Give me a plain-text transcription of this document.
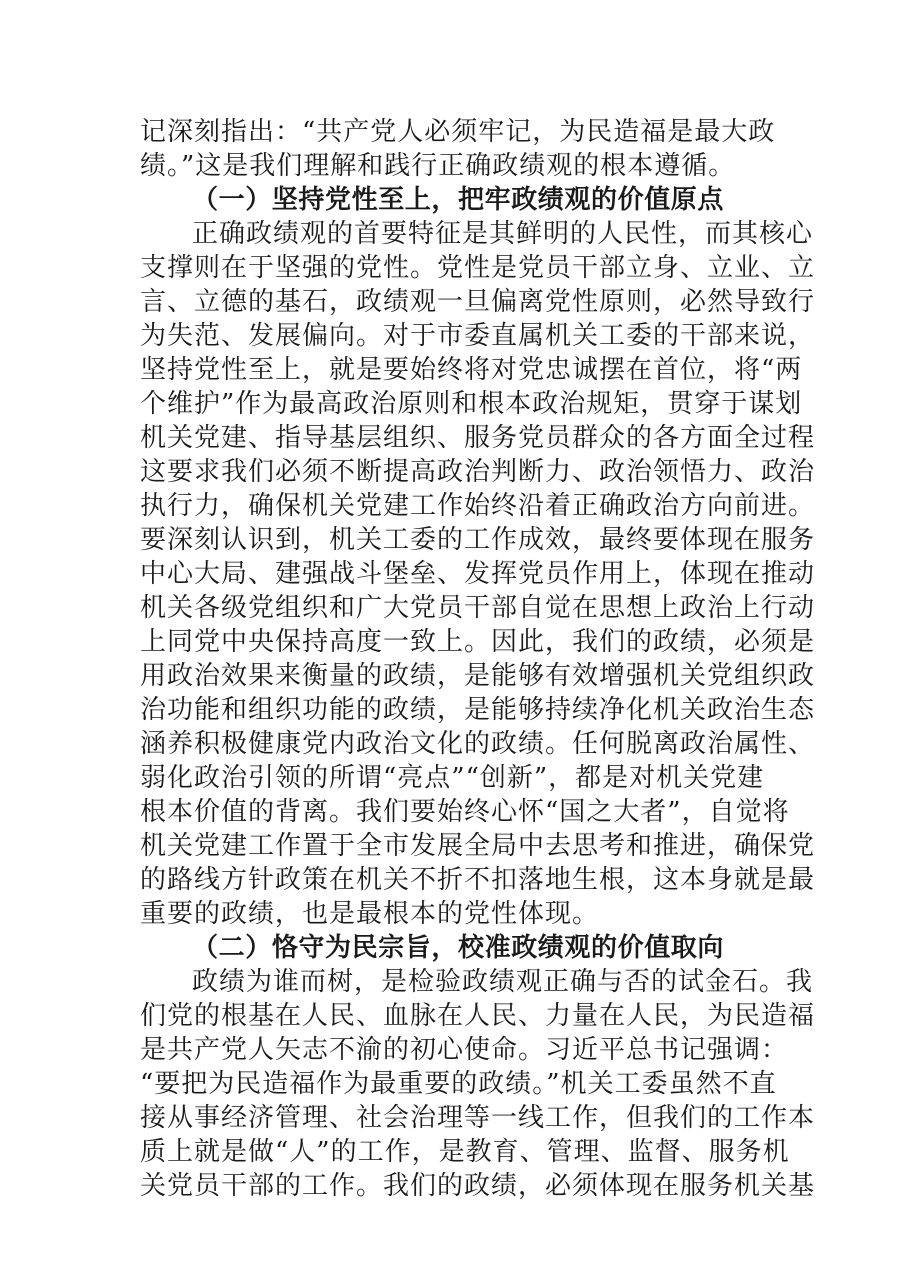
记深刻指出：“共产党人必须牢记，为民造福是最大政
绩。”这是我们理解和践行正确政绩观的根本遵循。
（一）坚持党性至上，把牢政绩观的价值原点
正确政绩观的首要特征是其鲜明的人民性，而其核心
支撑则在于坚强的党性。党性是党员干部立身、立业、立
言、立德的基石，政绩观一旦偏离党性原则，必然导致行
为失范、发展偏向。对于市委直属机关工委的干部来说，
坚持党性至上，就是要始终将对党忠诚摆在首位，将“两
个维护”作为最高政治原则和根本政治规矩，贯穿于谋划
机关党建、指导基层组织、服务党员群众的各方面全过程
这要求我们必须不断提高政治判断力、政治领悟力、政治
执行力，确保机关党建工作始终沿着正确政治方向前进。
要深刻认识到，机关工委的工作成效，最终要体现在服务
中心大局、建强战斗堡垒、发挥党员作用上，体现在推动
机关各级党组织和广大党员干部自觉在思想上政治上行动
上同党中央保持高度一致上。因此，我们的政绩，必须是
用政治效果来衡量的政绩，是能够有效增强机关党组织政
治功能和组织功能的政绩，是能够持续净化机关政治生态
涵养积极健康党内政治文化的政绩。任何脱离政治属性、
弱化政治引领的所谓“亮点”“创新”，都是对机关党建
根本价值的背离。我们要始终心怀“国之大者”，自觉将
机关党建工作置于全市发展全局中去思考和推进，确保党
的路线方针政策在机关不折不扣落地生根，这本身就是最
重要的政绩，也是最根本的党性体现。
（二）恪守为民宗旨，校准政绩观的价值取向
政绩为谁而树，是检验政绩观正确与否的试金石。我
们党的根基在人民、血脉在人民、力量在人民，为民造福
是共产党人矢志不渝的初心使命。习近平总书记强调：
“要把为民造福作为最重要的政绩。”机关工委虽然不直
接从事经济管理、社会治理等一线工作，但我们的工作本
质上就是做“人”的工作，是教育、管理、监督、服务机
关党员干部的工作。我们的政绩，必须体现在服务机关基
